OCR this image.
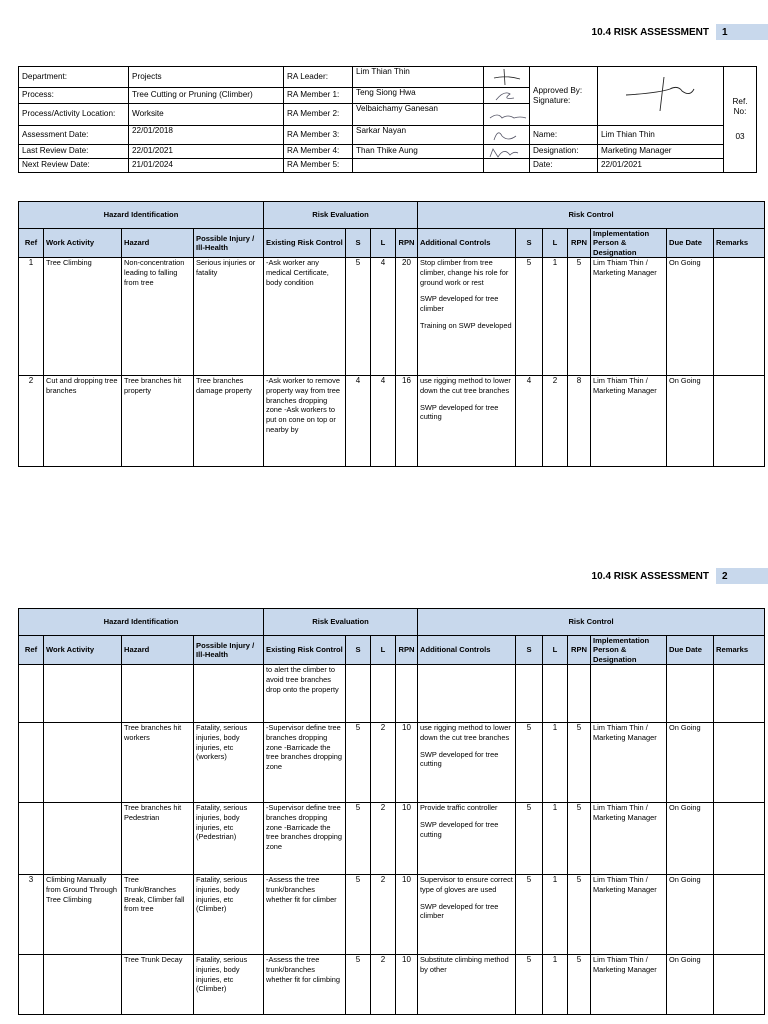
10.4 RISK ASSESSMENT	1
Department:	Projects	RA Leader:	Lim Thian Thin		Approved By: Signature:		Ref. No:
03

Process:	Tree Cutting or Pruning (Climber)	RA Member 1:	Teng Siong Hwa	

Process/Activity Location:	Worksite	RA Member 2:	Velbaichamy Ganesan	

Assessment Date:	22/01/2018	RA Member 3:	Sarkar Nayan		Name:	Lim Thian Thin	
Last Review Date:	22/01/2021	RA Member 4:	Than Thike Aung		Designation:	Marketing Manager	
Next Review Date:	21/01/2024	RA Member 5:			Date:	22/01/2021	
Hazard Identification				Risk Evaluation				Risk Control						
Ref	Work Activity	Hazard	Possible Injury / Ill-Health	Existing Risk Control	S	L	RPN	Additional Controls	S	L	RPN	Implementation Person & Designation	Due Date	Remarks
1	Tree Climbing	Non-concentration leading to falling from tree	Serious injuries or fatality	-Ask worker any medical Certificate, body condition	5	4	20	Stop climber from tree climber, change his role for ground work or rest

SWP developed for tree climber

Training on SWP developed	5	1	5	Lim Thiam Thin / Marketing Manager	On Going	
2	Cut and dropping tree branches	Tree branches hit property	Tree branches damage property	-Ask worker to remove property way from tree branches dropping zone -Ask workers to put on cone on top or nearby by	4	4	16	use rigging method to lower down the cut tree branches

SWP developed for tree cutting	4	2	8	Lim Thiam Thin / Marketing Manager	On Going	
10.4 RISK ASSESSMENT	2
Hazard Identification				Risk Evaluation				Risk Control						
Ref	Work Activity	Hazard	Possible Injury / Ill-Health	Existing Risk Control	S	L	RPN	Additional Controls	S	L	RPN	Implementation Person & Designation	Due Date	Remarks
				to alert the climber to avoid tree branches drop onto the property										
		Tree branches hit workers	Fatality, serious injuries, body injuries, etc (workers)	-Supervisor define tree branches dropping zone -Barricade the tree branches dropping zone	5	2	10	use rigging method to lower down the cut tree branches

SWP developed for tree cutting	5	1	5	Lim Thiam Thin / Marketing Manager	On Going	
		Tree branches hit Pedestrian	Fatality, serious injuries, body injuries, etc (Pedestrian)	-Supervisor define tree branches dropping zone -Barricade the tree branches dropping zone	5	2	10	Provide traffic controller

SWP developed for tree cutting	5	1	5	Lim Thiam Thin / Marketing Manager	On Going	
3	Climbing Manually from Ground Through Tree Climbing	Tree Trunk/Branches Break, Climber fall from tree	Fatality, serious injuries, body injuries, etc (Climber)	-Assess the tree trunk/branches whether fit for climber	5	2	10	Supervisor to ensure correct type of gloves are used

SWP developed for tree climber	5	1	5	Lim Thiam Thin / Marketing Manager	On Going	
		Tree Trunk Decay	Fatality, serious injuries, body injuries, etc (Climber)	-Assess the tree trunk/branches whether fit for climbing	5	2	10	Substitute climbing method by other	5	1	5	Lim Thiam Thin / Marketing Manager	On Going	
